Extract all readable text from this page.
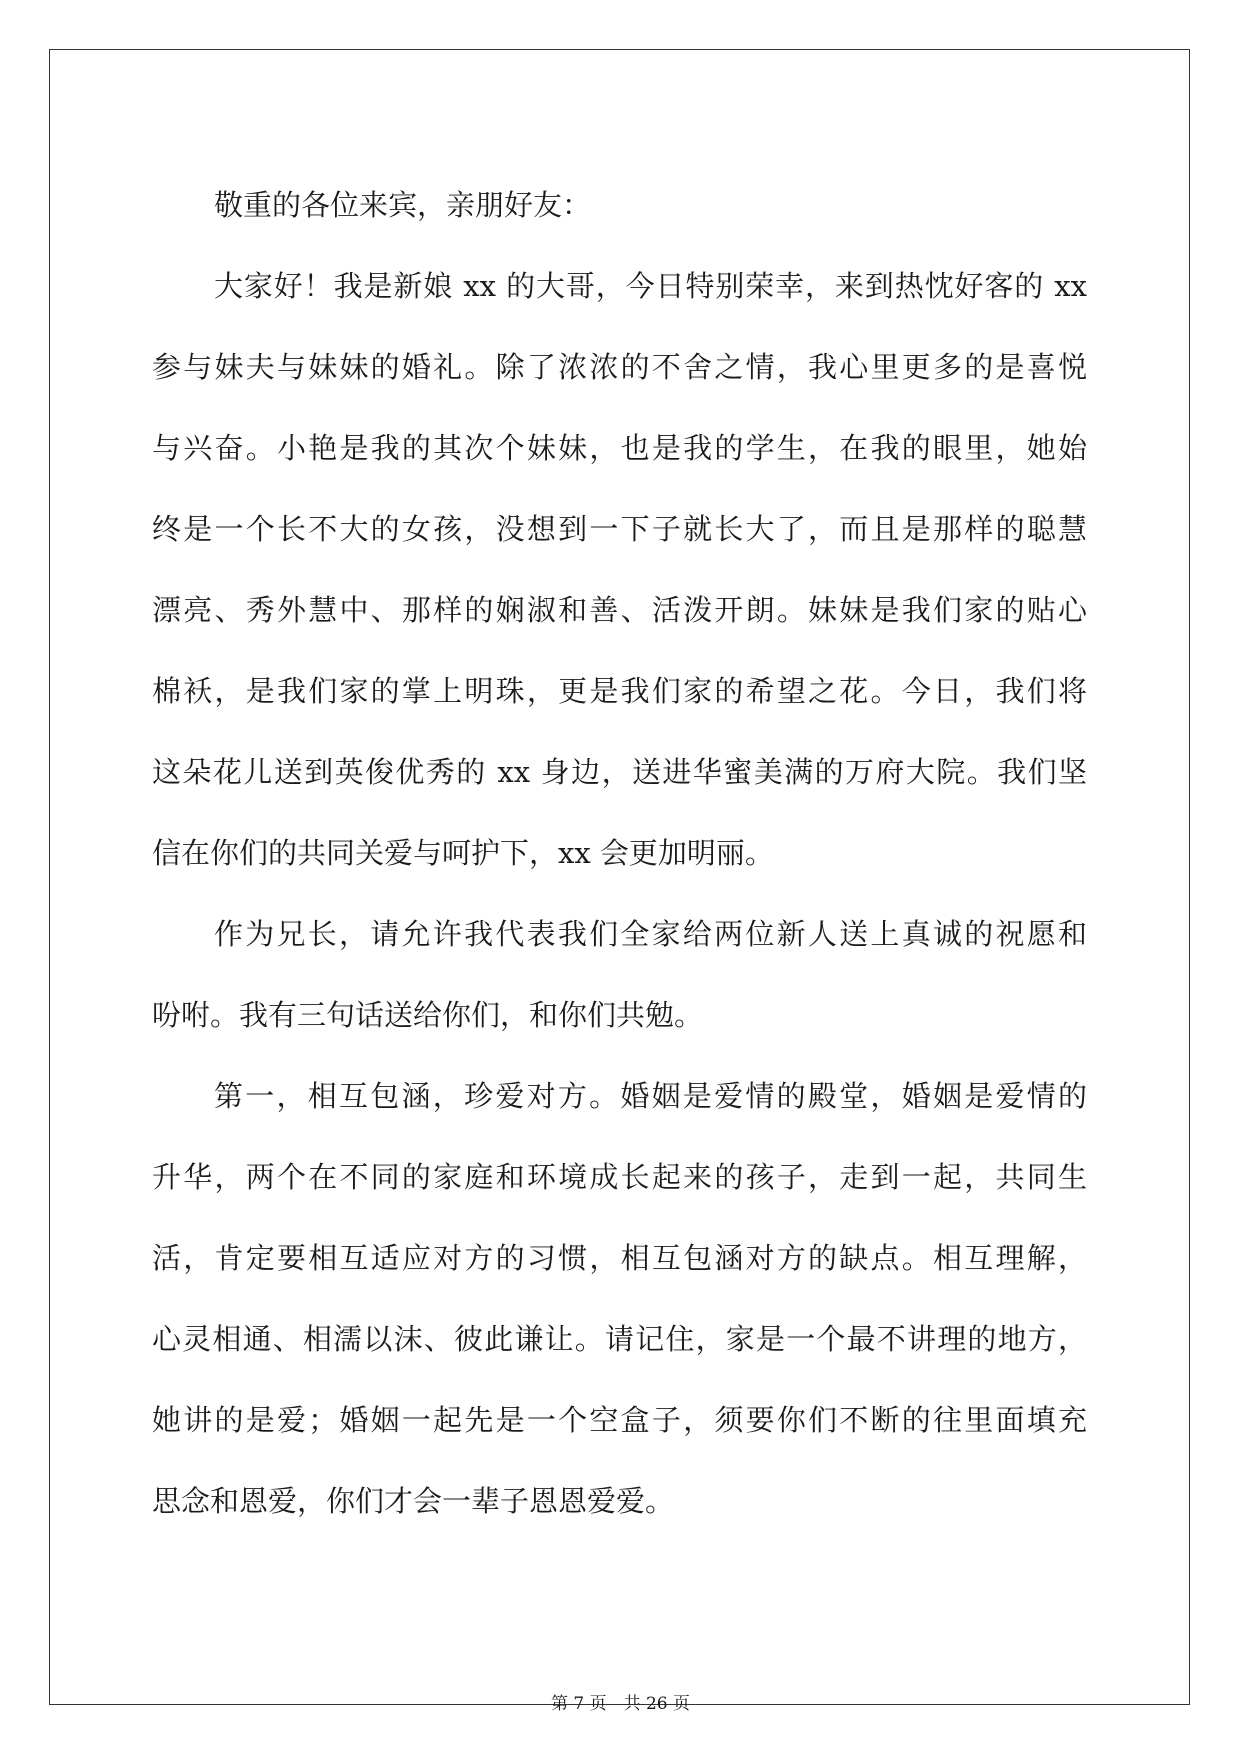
敬重的各位来宾，亲朋好友：
大家好！我是新娘 xx 的大哥，今日特别荣幸，来到热忱好客的 xx
参与妹夫与妹妹的婚礼。除了浓浓的不舍之情，我心里更多的是喜悦
与兴奋。小艳是我的其次个妹妹，也是我的学生，在我的眼里，她始
终是一个长不大的女孩，没想到一下子就长大了，而且是那样的聪慧
漂亮、秀外慧中、那样的娴淑和善、活泼开朗。妹妹是我们家的贴心
棉袄，是我们家的掌上明珠，更是我们家的希望之花。今日，我们将
这朵花儿送到英俊优秀的 xx 身边，送进华蜜美满的万府大院。我们坚
信在你们的共同关爱与呵护下，xx 会更加明丽。
作为兄长，请允许我代表我们全家给两位新人送上真诚的祝愿和
吩咐。我有三句话送给你们，和你们共勉。
第一，相互包涵，珍爱对方。婚姻是爱情的殿堂，婚姻是爱情的
升华，两个在不同的家庭和环境成长起来的孩子，走到一起，共同生
活，肯定要相互适应对方的习惯，相互包涵对方的缺点。相互理解，
心灵相通、相濡以沫、彼此谦让。请记住，家是一个最不讲理的地方，
她讲的是爱；婚姻一起先是一个空盒子，须要你们不断的往里面填充
思念和恩爱，你们才会一辈子恩恩爱爱。
第 7 页　共 26 页
